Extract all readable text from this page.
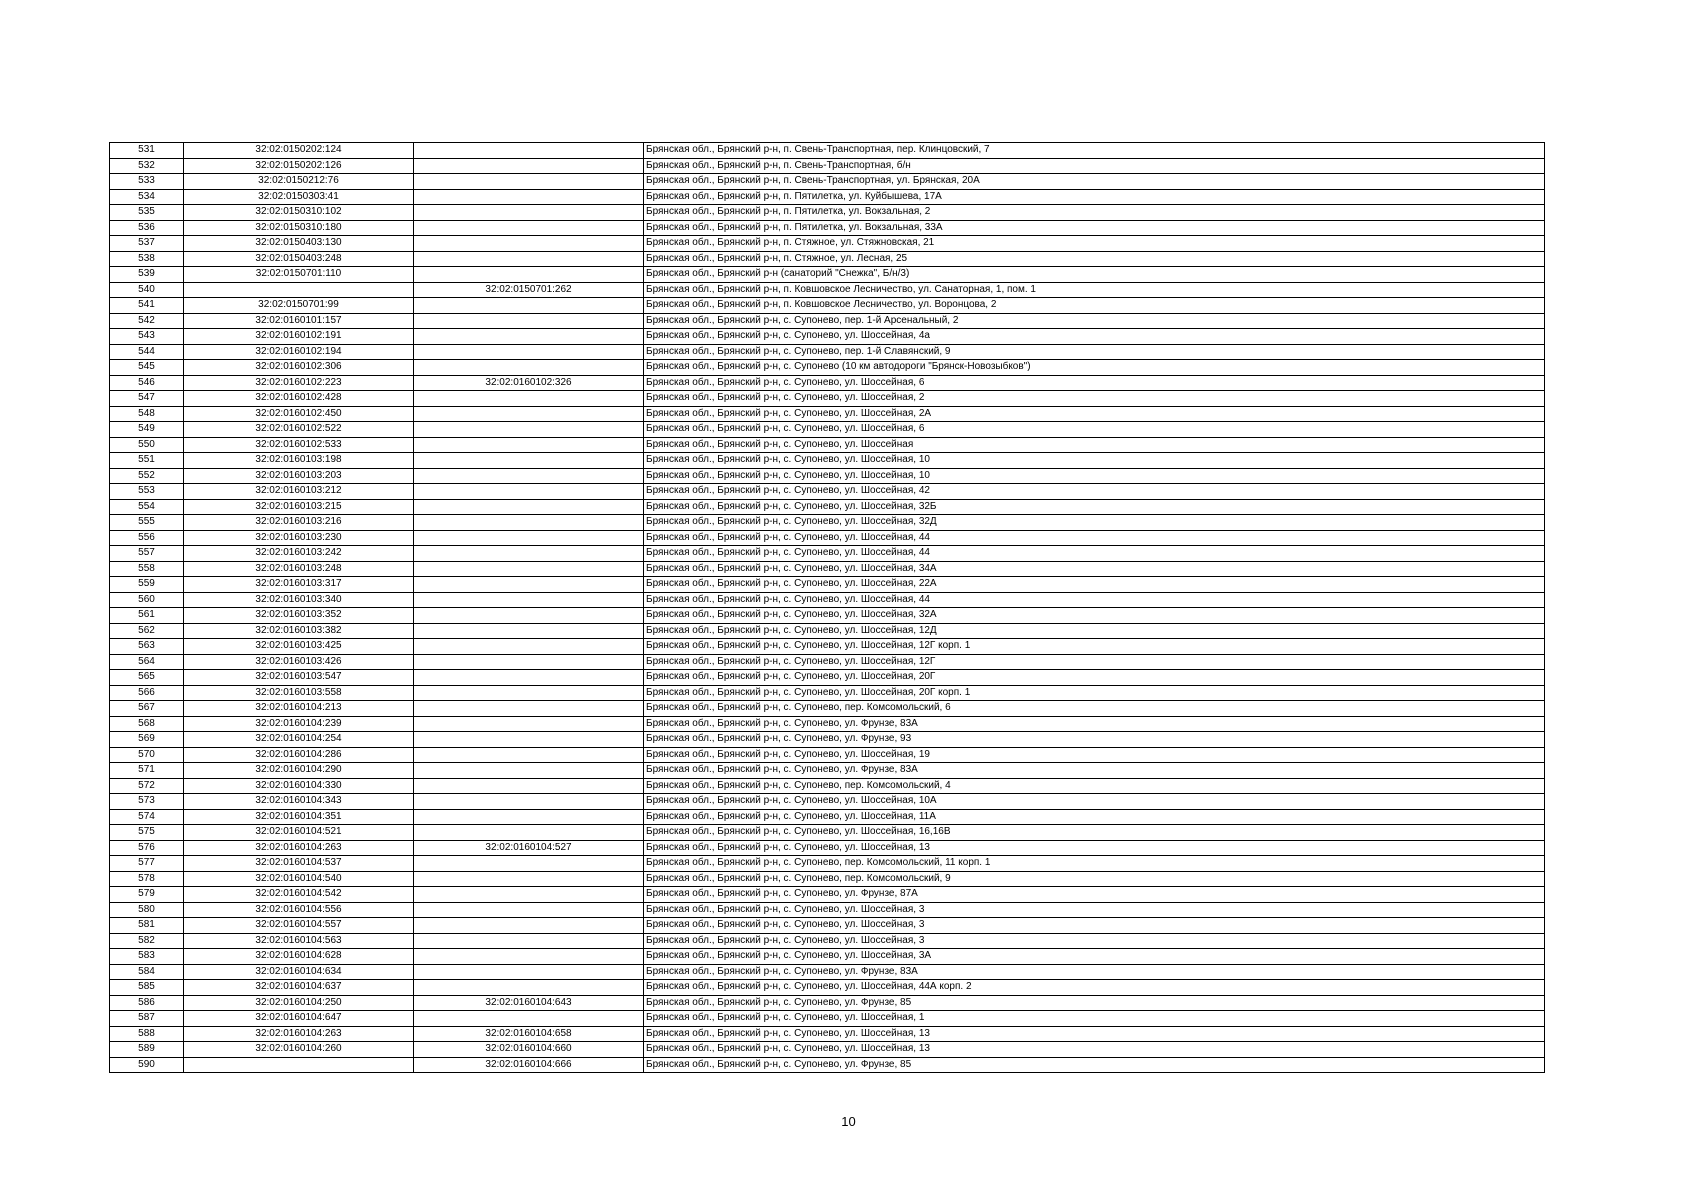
531	32:02:0150202:124		Брянская обл., Брянский р-н, п. Свень-Транспортная, пер. Клинцовский, 7
532	32:02:0150202:126		Брянская обл., Брянский р-н, п. Свень-Транспортная, б/н
533	32:02:0150212:76		Брянская обл., Брянский р-н, п. Свень-Транспортная, ул. Брянская, 20А
534	32:02:0150303:41		Брянская обл., Брянский р-н, п. Пятилетка, ул. Куйбышева, 17А
535	32:02:0150310:102		Брянская обл., Брянский р-н, п. Пятилетка, ул. Вокзальная, 2
536	32:02:0150310:180		Брянская обл., Брянский р-н, п. Пятилетка, ул. Вокзальная, 33А
537	32:02:0150403:130		Брянская обл., Брянский р-н, п. Стяжное, ул. Стяжновская, 21
538	32:02:0150403:248		Брянская обл., Брянский р-н, п. Стяжное, ул. Лесная, 25
539	32:02:0150701:110		Брянская обл., Брянский р-н (санаторий "Снежка", Б/н/3)
540		32:02:0150701:262	Брянская обл., Брянский р-н, п. Ковшовское Лесничество, ул. Санаторная, 1, пом. 1
541	32:02:0150701:99		Брянская обл., Брянский р-н, п. Ковшовское Лесничество, ул. Воронцова, 2
542	32:02:0160101:157		Брянская обл., Брянский р-н, с. Супонево, пер. 1-й Арсенальный, 2
543	32:02:0160102:191		Брянская обл., Брянский р-н, с. Супонево, ул. Шоссейная, 4а
544	32:02:0160102:194		Брянская обл., Брянский р-н, с. Супонево, пер. 1-й Славянский, 9
545	32:02:0160102:306		Брянская обл., Брянский р-н, с. Супонево (10 км автодороги "Брянск-Новозыбков")
546	32:02:0160102:223	32:02:0160102:326	Брянская обл., Брянский р-н, с. Супонево, ул. Шоссейная, 6
547	32:02:0160102:428		Брянская обл., Брянский р-н, с. Супонево, ул. Шоссейная, 2
548	32:02:0160102:450		Брянская обл., Брянский р-н, с. Супонево, ул. Шоссейная, 2А
549	32:02:0160102:522		Брянская обл., Брянский р-н, с. Супонево, ул. Шоссейная, 6
550	32:02:0160102:533		Брянская обл., Брянский р-н, с. Супонево, ул. Шоссейная
551	32:02:0160103:198		Брянская обл., Брянский р-н, с. Супонево, ул. Шоссейная, 10
552	32:02:0160103:203		Брянская обл., Брянский р-н, с. Супонево, ул. Шоссейная, 10
553	32:02:0160103:212		Брянская обл., Брянский р-н, с. Супонево, ул. Шоссейная, 42
554	32:02:0160103:215		Брянская обл., Брянский р-н, с. Супонево, ул. Шоссейная, 32Б
555	32:02:0160103:216		Брянская обл., Брянский р-н, с. Супонево, ул. Шоссейная, 32Д
556	32:02:0160103:230		Брянская обл., Брянский р-н, с. Супонево, ул. Шоссейная, 44
557	32:02:0160103:242		Брянская обл., Брянский р-н, с. Супонево, ул. Шоссейная, 44
558	32:02:0160103:248		Брянская обл., Брянский р-н, с. Супонево, ул. Шоссейная, 34А
559	32:02:0160103:317		Брянская обл., Брянский р-н, с. Супонево, ул. Шоссейная, 22А
560	32:02:0160103:340		Брянская обл., Брянский р-н, с. Супонево, ул. Шоссейная, 44
561	32:02:0160103:352		Брянская обл., Брянский р-н, с. Супонево, ул. Шоссейная, 32А
562	32:02:0160103:382		Брянская обл., Брянский р-н, с. Супонево, ул. Шоссейная, 12Д
563	32:02:0160103:425		Брянская обл., Брянский р-н, с. Супонево, ул. Шоссейная, 12Г корп. 1
564	32:02:0160103:426		Брянская обл., Брянский р-н, с. Супонево, ул. Шоссейная, 12Г
565	32:02:0160103:547		Брянская обл., Брянский р-н, с. Супонево, ул. Шоссейная, 20Г
566	32:02:0160103:558		Брянская обл., Брянский р-н, с. Супонево, ул. Шоссейная, 20Г корп. 1
567	32:02:0160104:213		Брянская обл., Брянский р-н, с. Супонево, пер. Комсомольский, 6
568	32:02:0160104:239		Брянская обл., Брянский р-н, с. Супонево, ул. Фрунзе, 83А
569	32:02:0160104:254		Брянская обл., Брянский р-н, с. Супонево, ул. Фрунзе, 93
570	32:02:0160104:286		Брянская обл., Брянский р-н, с. Супонево, ул. Шоссейная, 19
571	32:02:0160104:290		Брянская обл., Брянский р-н, с. Супонево, ул. Фрунзе, 83А
572	32:02:0160104:330		Брянская обл., Брянский р-н, с. Супонево, пер. Комсомольский, 4
573	32:02:0160104:343		Брянская обл., Брянский р-н, с. Супонево, ул. Шоссейная, 10А
574	32:02:0160104:351		Брянская обл., Брянский р-н, с. Супонево, ул. Шоссейная, 11А
575	32:02:0160104:521		Брянская обл., Брянский р-н, с. Супонево, ул. Шоссейная, 16,16В
576	32:02:0160104:263	32:02:0160104:527	Брянская обл., Брянский р-н, с. Супонево, ул. Шоссейная, 13
577	32:02:0160104:537		Брянская обл., Брянский р-н, с. Супонево, пер. Комсомольский, 11 корп. 1
578	32:02:0160104:540		Брянская обл., Брянский р-н, с. Супонево, пер. Комсомольский, 9
579	32:02:0160104:542		Брянская обл., Брянский р-н, с. Супонево, ул. Фрунзе, 87А
580	32:02:0160104:556		Брянская обл., Брянский р-н, с. Супонево, ул. Шоссейная, 3
581	32:02:0160104:557		Брянская обл., Брянский р-н, с. Супонево, ул. Шоссейная, 3
582	32:02:0160104:563		Брянская обл., Брянский р-н, с. Супонево, ул. Шоссейная, 3
583	32:02:0160104:628		Брянская обл., Брянский р-н, с. Супонево, ул. Шоссейная, 3А
584	32:02:0160104:634		Брянская обл., Брянский р-н, с. Супонево, ул. Фрунзе, 83А
585	32:02:0160104:637		Брянская обл., Брянский р-н, с. Супонево, ул. Шоссейная, 44А корп. 2
586	32:02:0160104:250	32:02:0160104:643	Брянская обл., Брянский р-н, с. Супонево, ул. Фрунзе, 85
587	32:02:0160104:647		Брянская обл., Брянский р-н, с. Супонево, ул. Шоссейная, 1
588	32:02:0160104:263	32:02:0160104:658	Брянская обл., Брянский р-н, с. Супонево, ул. Шоссейная, 13
589	32:02:0160104:260	32:02:0160104:660	Брянская обл., Брянский р-н, с. Супонево, ул. Шоссейная, 13
590		32:02:0160104:666	Брянская обл., Брянский р-н, с. Супонево, ул. Фрунзе, 85
10
